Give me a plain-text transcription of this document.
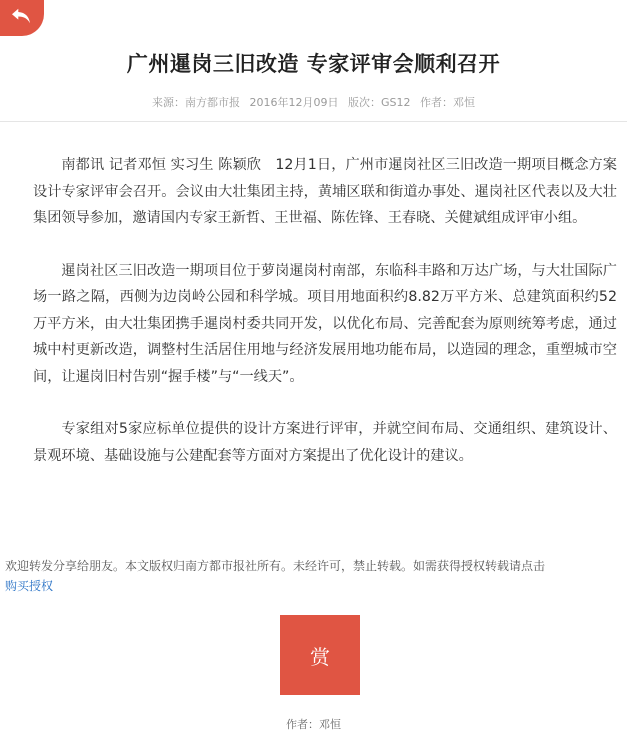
广州暹岗三旧改造 专家评审会顺利召开
来源：南方都市报 2016年12月09日 版次：GS12 作者：邓恒

南都讯 记者邓恒 实习生 陈颖欣　12月1日，广州市暹岗社区三旧改造一期项目概念方案设计专家评审会召开。会议由大壮集团主持，黄埔区联和街道办事处、暹岗社区代表以及大壮集团领导参加，邀请国内专家王新哲、王世福、陈佐锋、王春晓、关健斌组成评审小组。

暹岗社区三旧改造一期项目位于萝岗暹岗村南部，东临科丰路和万达广场，与大壮国际广场一路之隔，西侧为边岗岭公园和科学城。项目用地面积约8.82万平方米、总建筑面积约52万平方米，由大壮集团携手暹岗村委共同开发，以优化布局、完善配套为原则统筹考虑，通过城中村更新改造，调整村生活居住用地与经济发展用地功能布局，以造园的理念，重塑城市空间，让暹岗旧村告别“握手楼”与“一线天”。

专家组对5家应标单位提供的设计方案进行评审，并就空间布局、交通组织、建筑设计、景观环境、基础设施与公建配套等方面对方案提出了优化设计的建议。

欢迎转发分享给朋友。本文版权归南方都市报社所有。未经许可，禁止转载。如需获得授权转载请点击
购买授权
赏
作者：邓恒
